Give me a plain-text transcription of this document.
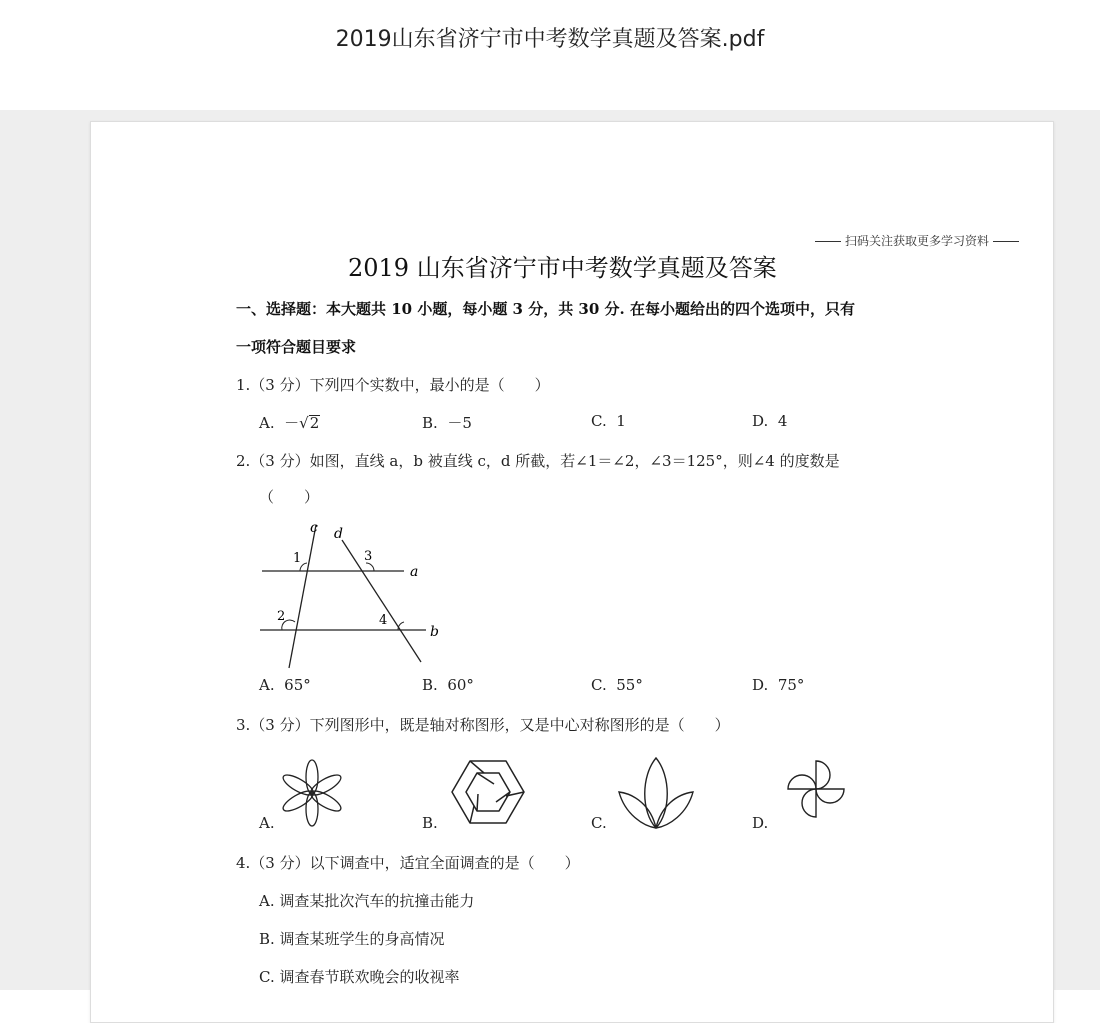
2019山东省济宁市中考数学真题及答案.pdf
扫码关注获取更多学习资料
2019 山东省济宁市中考数学真题及答案
一、选择题：本大题共 10 小题，每小题 3 分，共 30 分. 在每小题给出的四个选项中，只有
一项符合题目要求
1.（3 分）下列四个实数中，最小的是（　　）
A. －√2	B. －5	C. 1	D. 4
2.（3 分）如图，直线 a，b 被直线 c，d 所截，若∠1＝∠2，∠3＝125°，则∠4 的度数是
（　　）
c d
a
b
1
2
3
4
A. 65°	B. 60°	C. 55°	D. 75°
3.（3 分）下列图形中，既是轴对称图形，又是中心对称图形的是（　　）
A.	B.	C.	D.
4.（3 分）以下调查中，适宜全面调查的是（　　）
A. 调查某批次汽车的抗撞击能力
B. 调查某班学生的身高情况
C. 调查春节联欢晚会的收视率
